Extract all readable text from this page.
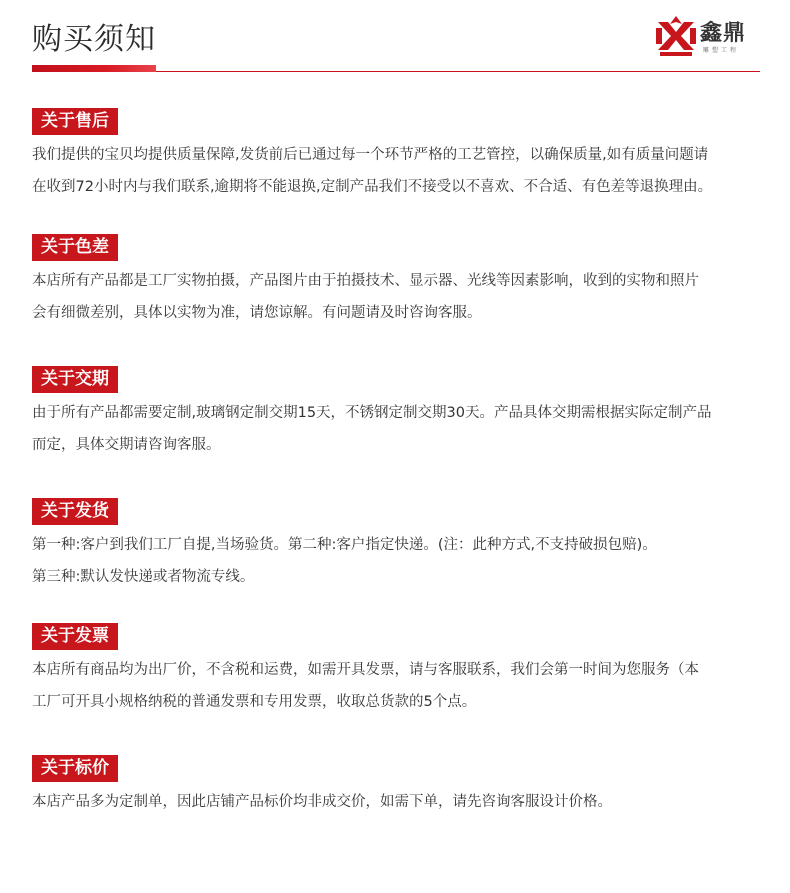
购买须知	鑫鼎
雕塑工程
关于售后
我们提供的宝贝均提供质量保障,发货前后已通过每一个环节严格的工艺管控，以确保质量,如有质量问题请
在收到72小时内与我们联系,逾期将不能退换,定制产品我们不接受以不喜欢、不合适、有色差等退换理由。
关于色差
本店所有产品都是工厂实物拍摄，产品图片由于拍摄技术、显示器、光线等因素影响，收到的实物和照片
会有细微差别，具体以实物为准，请您谅解。有问题请及时咨询客服。
关于交期
由于所有产品都需要定制,玻璃钢定制交期15天，不锈钢定制交期30天。产品具体交期需根据实际定制产品
而定，具体交期请咨询客服。
关于发货
第一种:客户到我们工厂自提,当场验货。第二种:客户指定快递。(注：此种方式,不支持破损包赔)。
第三种:默认发快递或者物流专线。
关于发票
本店所有商品均为出厂价，不含税和运费，如需开具发票，请与客服联系，我们会第一时间为您服务（本
工厂可开具小规格纳税的普通发票和专用发票，收取总货款的5个点。
关于标价
本店产品多为定制单，因此店铺产品标价均非成交价，如需下单，请先咨询客服设计价格。
